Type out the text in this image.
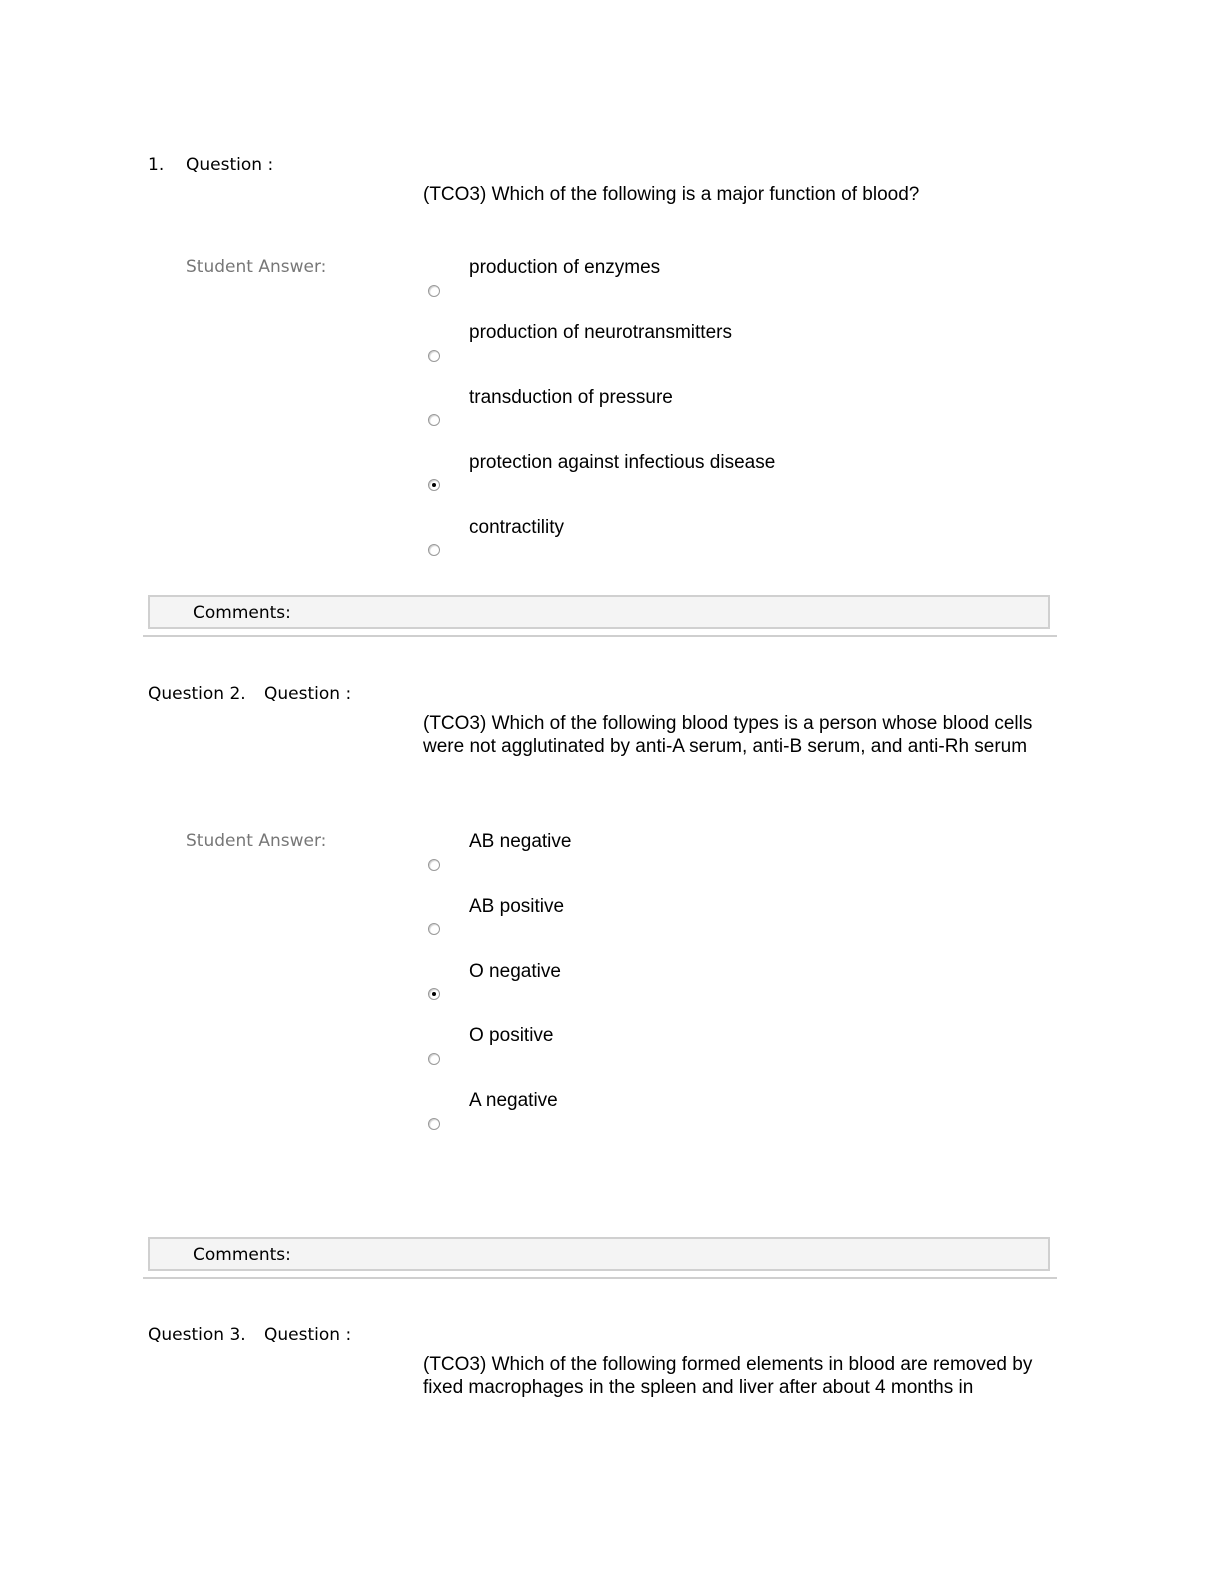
1. Question :
(TCO3) Which of the following is a major function of blood?
Student Answer:	production of enzymes
production of neurotransmitters
transduction of pressure
protection against infectious disease
contractility
Comments:
Question 2. Question :
(TCO3) Which of the following blood types is a person whose blood cells were not agglutinated by anti-A serum, anti-B serum, and anti-Rh serum
Student Answer:	AB negative
AB positive
O negative
O positive
A negative
Comments:
Question 3. Question :
(TCO3) Which of the following formed elements in blood are removed by fixed macrophages in the spleen and liver after about 4 months in
